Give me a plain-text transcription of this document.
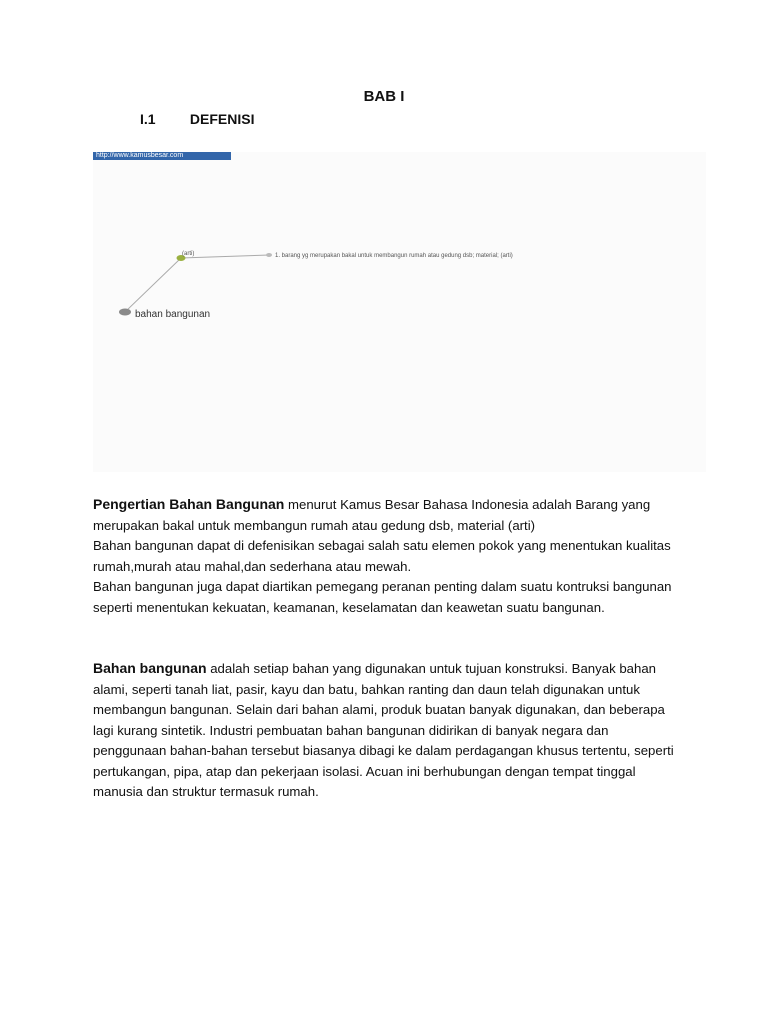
BAB I
I.1 DEFENISI
(arti)	1. barang yg merupakan bakal untuk membangun rumah atau gedung dsb; material; (arti)
bahan bangunan
http://www.kamusbesar.com

Pengertian Bahan Bangunan menurut Kamus Besar Bahasa Indonesia adalah Barang yang merupakan bakal untuk membangun rumah atau gedung dsb, material (arti)

Bahan bangunan dapat di defenisikan sebagai salah satu elemen pokok yang menentukan kualitas rumah,murah atau mahal,dan sederhana atau mewah.

Bahan bangunan juga dapat diartikan pemegang peranan penting dalam suatu kontruksi bangunan seperti menentukan kekuatan, keamanan, keselamatan dan keawetan suatu bangunan.

Bahan bangunan adalah setiap bahan yang digunakan untuk tujuan konstruksi. Banyak bahan alami, seperti tanah liat, pasir, kayu dan batu, bahkan ranting dan daun telah digunakan untuk membangun bangunan. Selain dari bahan alami, produk buatan banyak digunakan, dan beberapa lagi kurang sintetik. Industri pembuatan bahan bangunan didirikan di banyak negara dan penggunaan bahan-bahan tersebut biasanya dibagi ke dalam perdagangan khusus tertentu, seperti pertukangan, pipa, atap dan pekerjaan isolasi. Acuan ini berhubungan dengan tempat tinggal manusia dan struktur termasuk rumah.
